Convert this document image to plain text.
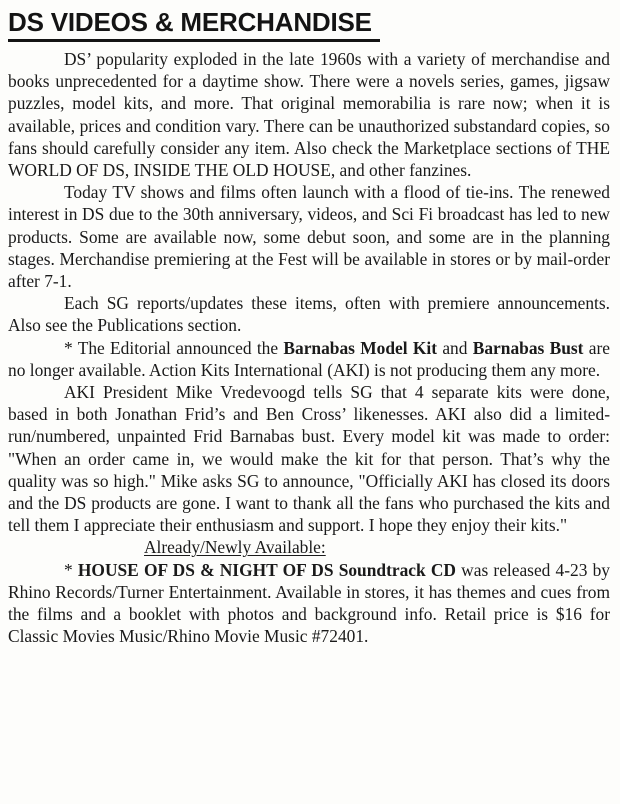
DS VIDEOS & MERCHANDISE

DS’ popularity exploded in the late 1960s with a variety of merchandise and books unprecedented for a daytime show. There were a novels series, games, jigsaw puzzles, model kits, and more. That original memorabilia is rare now; when it is available, prices and condition vary. There can be unauthorized substandard copies, so fans should carefully consider any item. Also check the Marketplace sections of THE WORLD OF DS, INSIDE THE OLD HOUSE, and other fanzines.

Today TV shows and films often launch with a flood of tie-ins. The renewed interest in DS due to the 30th anniversary, videos, and Sci Fi broadcast has led to new products. Some are available now, some debut soon, and some are in the planning stages. Merchandise premiering at the Fest will be available in stores or by mail-order after 7-1.

Each SG reports/updates these items, often with premiere announcements. Also see the Publications section.

* The Editorial announced the Barnabas Model Kit and Barnabas Bust are no longer available. Action Kits International (AKI) is not producing them any more.

AKI President Mike Vredevoogd tells SG that 4 separate kits were done, based in both Jonathan Frid’s and Ben Cross’ likenesses. AKI also did a limited-run/numbered, unpainted Frid Barnabas bust. Every model kit was made to order: "When an order came in, we would make the kit for that person. That’s why the quality was so high." Mike asks SG to announce, "Officially AKI has closed its doors and the DS products are gone. I want to thank all the fans who purchased the kits and tell them I appreciate their enthusiasm and support. I hope they enjoy their kits."

Already/Newly Available:

* HOUSE OF DS & NIGHT OF DS Soundtrack CD was released 4-23 by Rhino Records/Turner Entertainment. Available in stores, it has themes and cues from the films and a booklet with photos and background info. Retail price is $16 for Classic Movies Music/Rhino Movie Music #72401.
